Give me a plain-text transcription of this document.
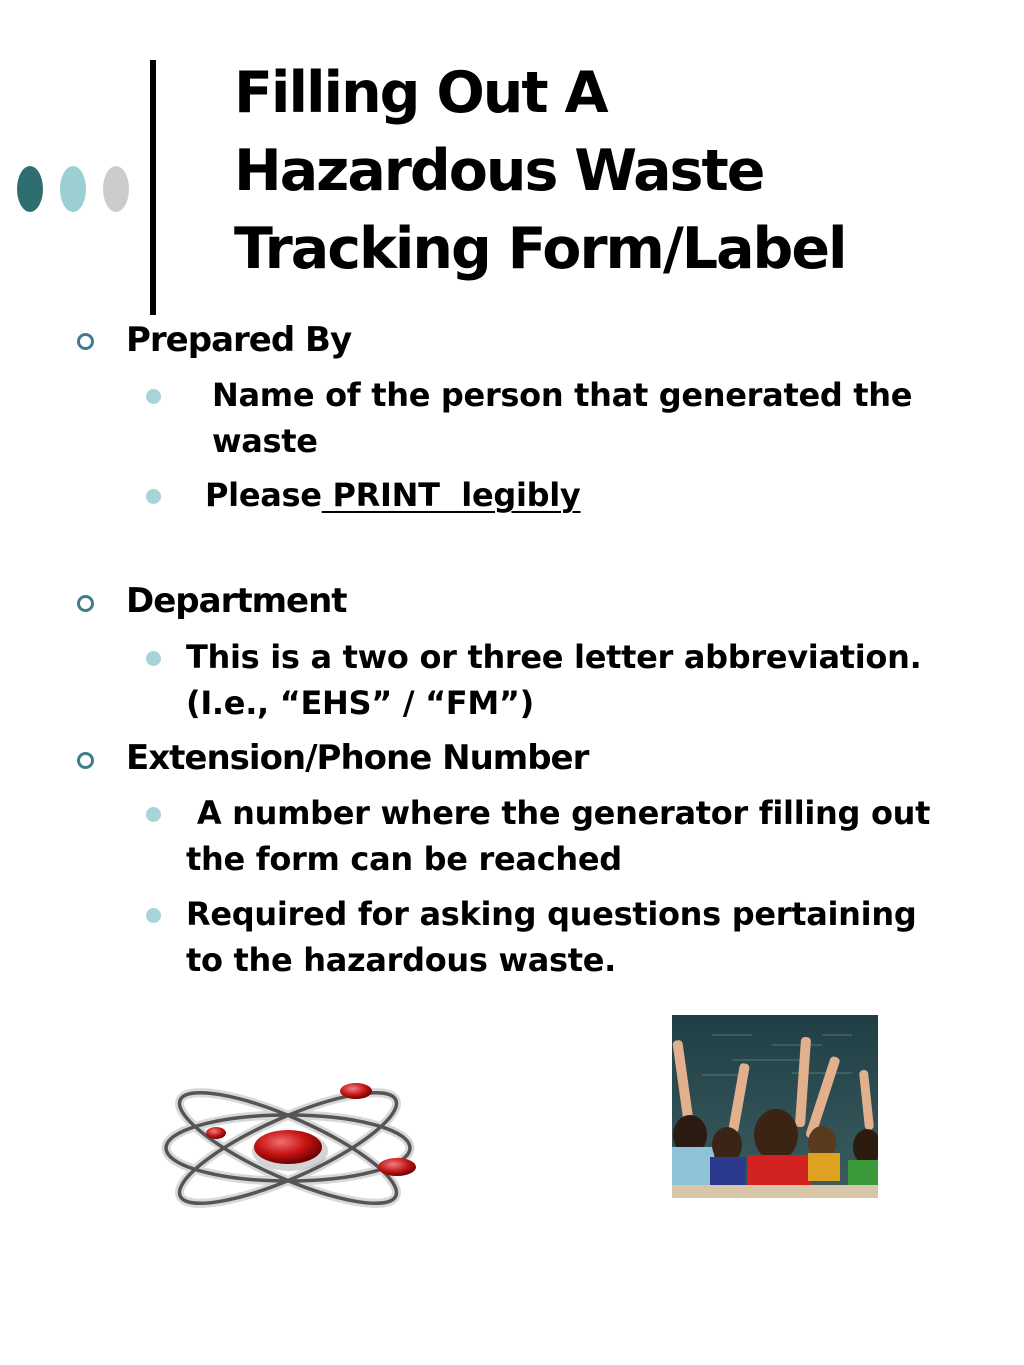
Filling Out A
Hazardous Waste
Tracking Form/Label
Prepared By
Name of the person that generated the
waste
Please PRINT  legibly
Department
This is a two or three letter abbreviation.
(I.e., “EHS” / “FM”)
Extension/Phone Number
A number where the generator filling out
the form can be reached
Required for asking questions pertaining
to the hazardous waste.
